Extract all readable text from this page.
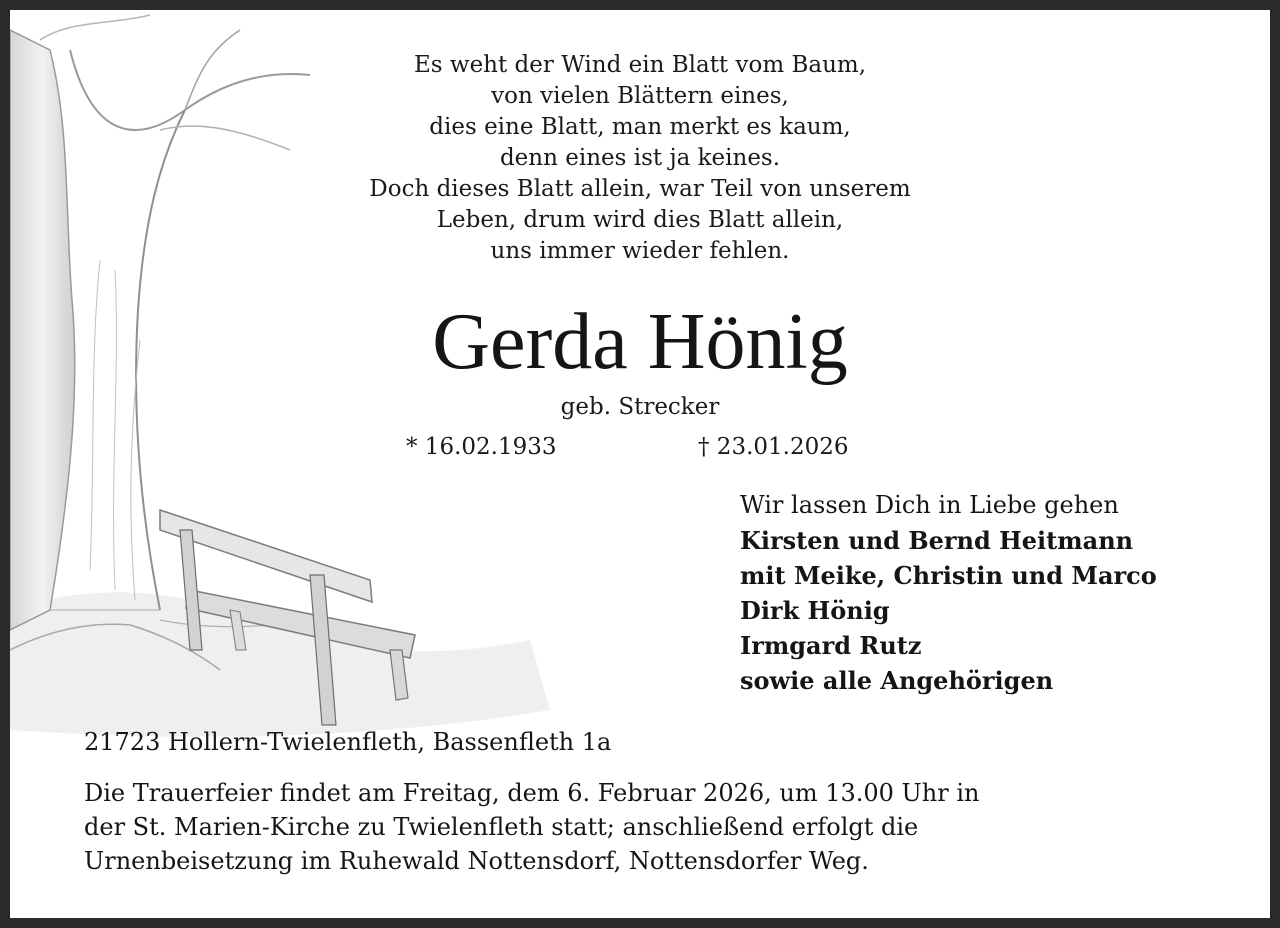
Es weht der Wind ein Blatt vom Baum,
von vielen Blättern eines,
dies eine Blatt, man merkt es kaum,
denn eines ist ja keines.
Doch dieses Blatt allein, war Teil von unserem
Leben, drum wird dies Blatt allein,
uns immer wieder fehlen.
Gerda Hönig
geb. Strecker
* 16.02.1933	† 23.01.2026
Wir lassen Dich in Liebe gehen
Kirsten und Bernd Heitmann
mit Meike, Christin und Marco
Dirk Hönig
Irmgard Rutz
sowie alle Angehörigen
21723 Hollern-Twielenfleth, Bassenfleth 1a
Die Trauerfeier findet am Freitag, dem 6. Februar 2026, um 13.00 Uhr in
der St. Marien-Kirche zu Twielenfleth statt; anschließend erfolgt die
Urnenbeisetzung im Ruhewald Nottensdorf, Nottensdorfer Weg.
